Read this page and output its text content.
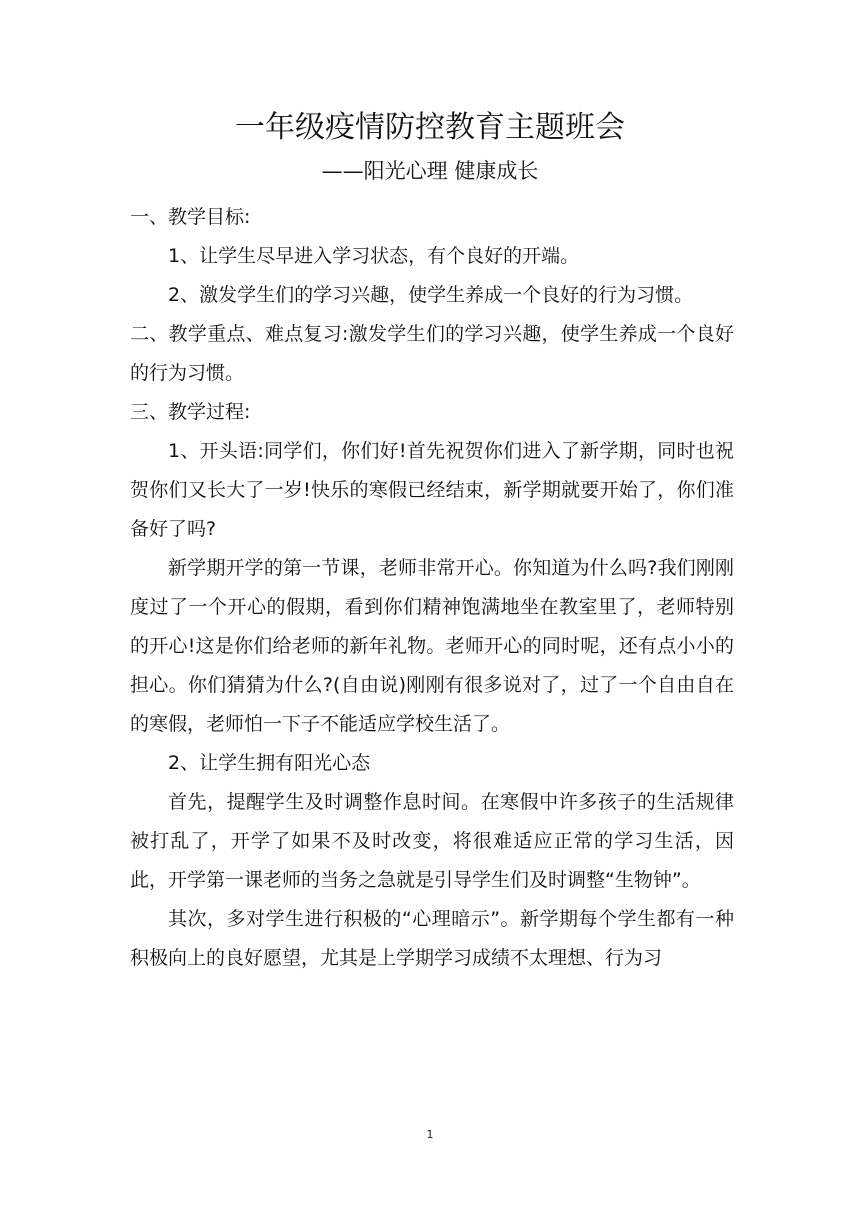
一年级疫情防控教育主题班会
——阳光心理 健康成长

一、教学目标:

1、让学生尽早进入学习状态，有个良好的开端。

2、激发学生们的学习兴趣，使学生养成一个良好的行为习惯。

二、教学重点、难点复习:激发学生们的学习兴趣，使学生养成一个良好的行为习惯。

三、教学过程:

1、开头语:同学们，你们好!首先祝贺你们进入了新学期，同时也祝贺你们又长大了一岁!快乐的寒假已经结束，新学期就要开始了，你们准备好了吗?

新学期开学的第一节课，老师非常开心。你知道为什么吗?我们刚刚度过了一个开心的假期，看到你们精神饱满地坐在教室里了，老师特别的开心!这是你们给老师的新年礼物。老师开心的同时呢，还有点小小的担心。你们猜猜为什么?(自由说)刚刚有很多说对了，过了一个自由自在的寒假，老师怕一下子不能适应学校生活了。

2、让学生拥有阳光心态

首先，提醒学生及时调整作息时间。在寒假中许多孩子的生活规律被打乱了，开学了如果不及时改变，将很难适应正常的学习生活，因此，开学第一课老师的当务之急就是引导学生们及时调整“生物钟”。

其次，多对学生进行积极的“心理暗示”。新学期每个学生都有一种积极向上的良好愿望，尤其是上学期学习成绩不太理想、行为习

1
